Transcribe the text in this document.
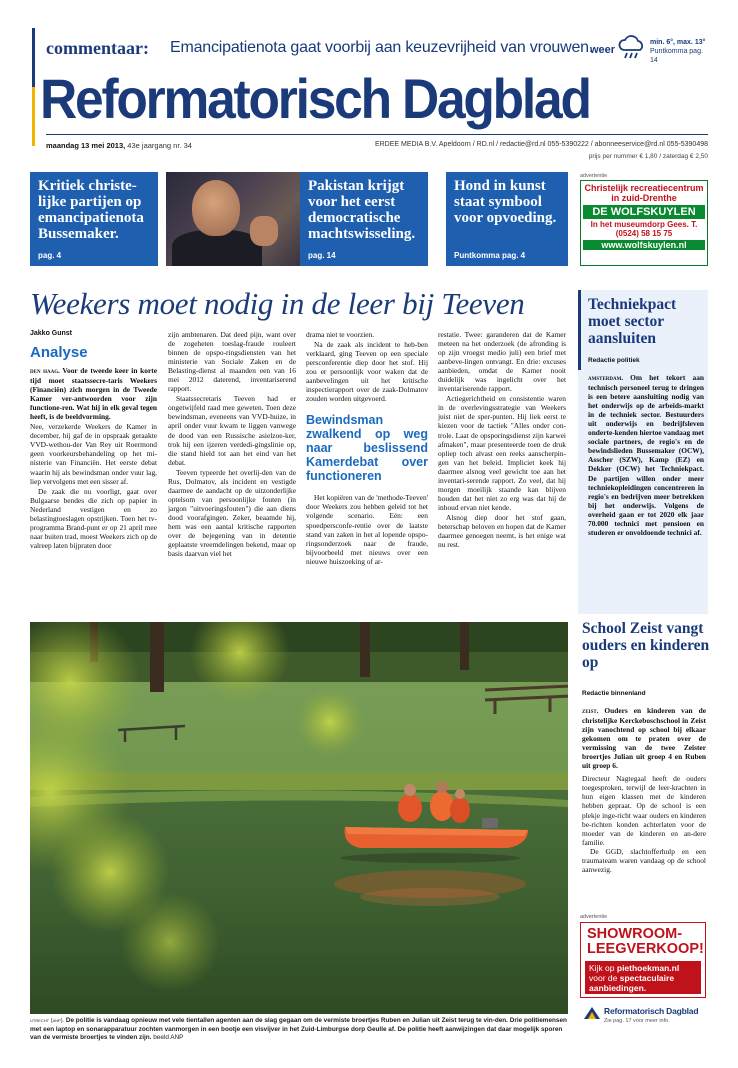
commentaar: Emancipatienota gaat voorbij aan keuzevrijheid van vrouwen.
weer
min. 6°, max. 13°
Puntkomma pag. 14
Reformatorisch Dagblad
maandag 13 mei 2013, 43e jaargang nr. 34	ERDEE MEDIA B.V. Apeldoorn / RD.nl / redactie@rd.nl 055-5390222 / abonneeservice@rd.nl 055-5390498
prijs per nummer € 1,80 / zaterdag € 2,50
Kritiek christe-lijke partijen op emancipatienota Bussemaker.
pag. 4
Pakistan krijgt voor het eerst democratische machtswisseling.
pag. 14
Hond in kunst staat symbool voor opvoeding.
Puntkomma pag. 4
advertentie
Christelijk recreatiecentrum in zuid-Drenthe
DE WOLFSKUYLEN
In het museumdorp Gees. T.(0524) 58 15 75
www.wolfskuylen.nl
Weekers moet nodig in de leer bij Teeven
Jakko Gunst
Analyse

den haag. Voor de tweede keer in korte tijd moet staatssecre-taris Weekers (Financiën) zich morgen in de Tweede Kamer ver-antwoorden voor zijn functione-ren. Wat hij in elk geval tegen heeft, is de beeldvorming.

Nee, verzekerde Weekers de Kamer in december, hij gaf de in opspraak geraakte VVD-wethou-der Van Rey uit Roermond geen voorkeursbehandeling op het mi-nisterie van Financiën. Het eerste debat waarin hij als bewindsman onder vuur lag, liep vervolgens met een sisser af.

De zaak die nu voorligt, gaat over Bulgaarse bendes die zich op papier in Nederland vestigen en zo belastingtoeslagen opstrijken. Toen het tv-programma Brand-punt er op 21 april mee naar buiten trad, moest Weekers zich op de valreep laten bijpraten door

zijn ambtenaren. Dat deed pijn, want over de zogeheten toeslag-fraude rouleert binnen de opspo-ringsdiensten van het ministerie van Sociale Zaken en de Belasting-dienst al maanden een van 16 mei 2012 daterend, inventariserend rapport.

Staatssecretaris Teeven had er ongetwijfeld raad mee geweten. Toen deze bewindsman, eveneens van VVD-huize, in april onder vuur kwam te liggen vanwege de dood van een Russische asielzoe-ker, trok hij een ijzeren verdedi-gingslinie op, die stand hield tot aan het eind van het debat.

Teeven typeerde het overlij-den van de Rus, Dolmatov, als incident en vestigde daarmee de aandacht op de uitzonderlijke optelsom van persoonlijke fouten (in jargon "uitvoeringsfouten") die aan diens dood voorafgingen. Zeker, beaamde hij, hem was een aantal kritische rapporten over de bejegening van in detentie geplaatste vreemdelingen bekend, maar op basis daarvan viel het

drama niet te voorzien.

Na de zaak als incident te heb-ben verklaard, ging Teeven op een speciale persconferentie diep door het stof. Hij zou er persoonlijk voor waken dat de aanbevelingen uit het kritische inspectierapport over de zaak-Dolmatov zouden worden uitgevoerd.

Bewindsman zwalkend op weg naar beslissend Kamerdebat over functioneren

Het kopiëren van de 'methode-Teeven' door Weekers zou hebben geleid tot het volgende scenario. Eén: een spoedpersconfe-rentie over de laatste stand van zaken in het al lopende opspo-ringsonderzoek naar de fraude, bijvoorbeeld met nieuws over een nieuwe huiszoeking of ar-

restatie. Twee: garanderen dat de Kamer meteen na het onderzoek (de afronding is op zijn vroegst medio juli) een brief met aanbeve-lingen ontvangt. En drie: excuses aanbieden, omdat de Kamer nooit duidelijk was ingelicht over het inventariserende rapport.

Actiegerichtheid en consistentie waren in de overlevingsstrategie van Weekers juist niet de sper-punten. Hij liek eerst te kiezen voor de tactiek "Alles onder con-trole. Laat de opsporingsdienst zijn karwei afmaken", maar presenteerde toen de druk opliep toch alvast een reeks aanscherpin-gen van het beleid. Impliciet keek hij daarmee alsnog veel gewicht toe aan het inventari-serende rapport. Zo veel, dat hij morgen moeilijk staande kan blijven houden dat het niet zo erg was dat hij de inhoud ervan niet kende.

Alsnog diep door het stof gaan, beterschap beloven en hopen dat de Kamer daarmee genoegen neemt, is het enige wat nu rest.

Techniekpact moet sector aansluiten
Redactie politiek
amsterdam. Om het tekort aan technisch personeel terug te dringen is een betere aansluiting nodig van het onderwijs op de arbeids-markt in de techniek sector. Bestuurders uit onderwijs en bedrijfsleven onderte-kenden hiertoe vandaag met sociale partners, de regio's en de bewindslieden Bussemaker (OCW), Asscher (SZW), Kamp (EZ) en Dekker (OCW) het Techniekpact. De partijen willen onder meer techniekopleidingen concentreren in regio's en bedrijven meer betrekken bij het onderwijs. Volgens de overheid gaan er tot 2020 elk jaar 70.000 technici met pensioen en studeren er onvoldoende technici af.
utrecht (anp). De politie is vandaag opnieuw met vele tientallen agenten aan de slag gegaan om de vermiste broertjes Ruben en Julian uit Zeist terug te vin-den. Drie politiemensen met een laptop en sonarapparatuur zochten vanmorgen in een bootje een visvijver in het Zuid-Limburgse dorp Geulle af. De politie heeft aanwijzingen dat daar mogelijk sporen van de vermiste broertjes te vinden zijn. beeld ANP
School Zeist vangt ouders en kinderen op
Redactie binnenland

zeist. Ouders en kinderen van de christelijke Kerckeboschschool in Zeist zijn vanochtend op school bij elkaar gekomen om te praten over de vermissing van de twee Zeister broertjes Julian uit groep 4 en Ruben uit groep 6.

Directeur Nagtegaal heeft de ouders toegesproken, terwijl de leer-krachten in hun eigen klassen met de kinderen hebben gepraat. Op de school is een plekje inge-richt waar ouders en kinderen be-richten konden achterlaten voor de moeder van de kinderen en an-dere familie.

De GGD, slachtofferhulp en een traumateam waren vandaag op de school aanwezig.

advertentie
SHOWROOM-LEEGVERKOOP!
Kijk op piethoekman.nl voor de spectaculaire aanbiedingen.
Reformatorisch Dagblad
Zie pag. 17 voor meer info.
